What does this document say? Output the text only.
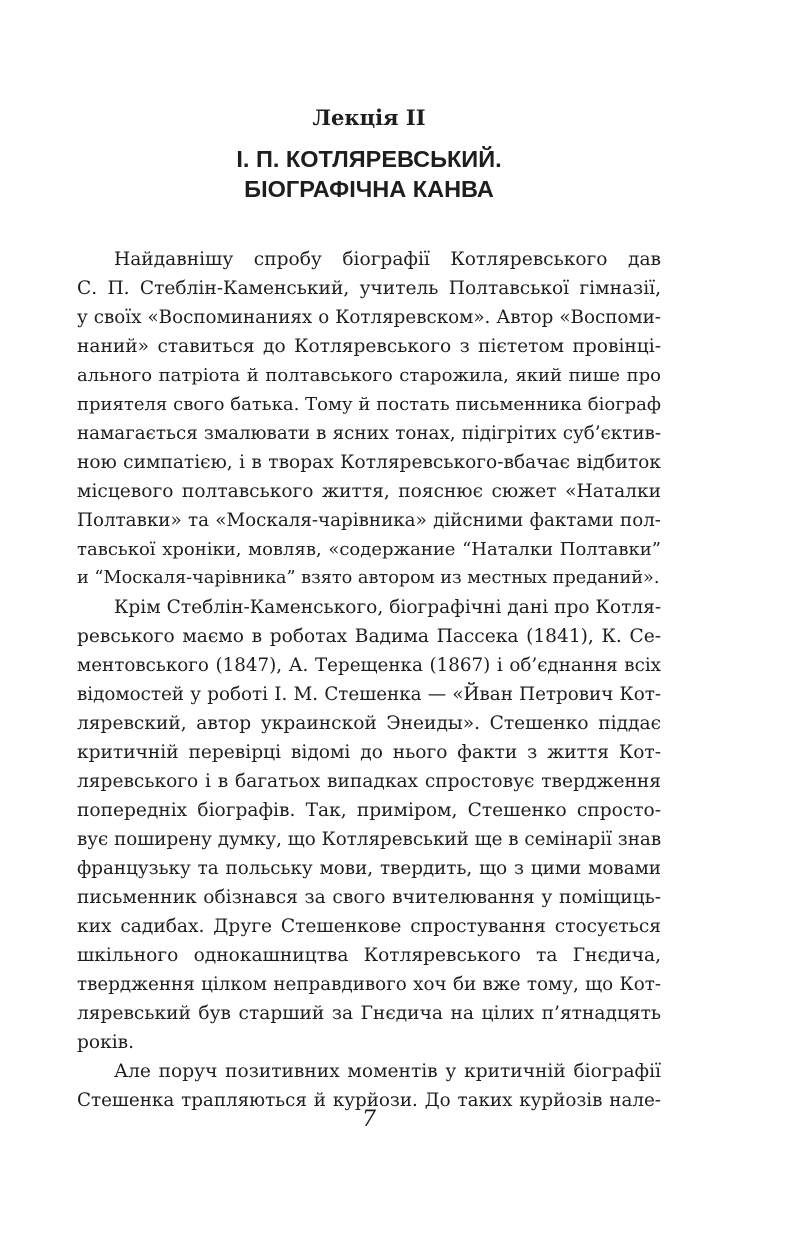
Лекція ІІ
І. П. КОТЛЯРЕВСЬКИЙ.
БІОГРАФІЧНА КАНВА
Найдавнішу спробу біографії Котляревського дав
С. П. Стеблін-Каменський, учитель Полтавської гімназії,
у своїх «Воспоминаниях о Котляревском». Автор «Воспоми-
наний» ставиться до Котляревського з пієтетом провінці-
ального патріота й полтавського старожила, який пише про
приятеля свого батька. Тому й постать письменника біограф
намагається змалювати в ясних тонах, підігрітих суб’єктив-
ною симпатією, і в творах Котляревського-вбачає відбиток
місцевого полтавського життя, пояснює сюжет «Наталки
Полтавки» та «Москаля-чарівника» дійсними фактами пол-
тавської хроніки, мовляв, «содержание “Наталки Полтавки”
и “Москаля-чарівника” взято автором из местных преданий».
Крім Стеблін-Каменського, біографічні дані про Котля-
ревського маємо в роботах Вадима Пассека (1841), К. Се-
ментовського (1847), А. Терещенка (1867) і об’єднання всіх
відомостей у роботі І. М. Стешенка — «Йван Петрович Кот-
ляревский, автор украинской Энеиды». Стешенко піддає
критичній перевірці відомі до нього факти з життя Кот-
ляревського і в багатьох випадках спростовує твердження
попередніх біографів. Так, приміром, Стешенко спросто-
вує поширену думку, що Котляревський ще в семінарії знав
французьку та польську мови, твердить, що з цими мовами
письменник обізнався за свого вчителювання у поміщиць-
ких садибах. Друге Стешенкове спростування стосується
шкільного однокашництва Котляревського та Гнєдича,
твердження цілком неправдивого хоч би вже тому, що Кот-
ляревський був старший за Гнєдича на цілих п’ятнадцять
років.
Але поруч позитивних моментів у критичній біографії
Стешенка трапляються й курйози. До таких курйозів нале-
7
